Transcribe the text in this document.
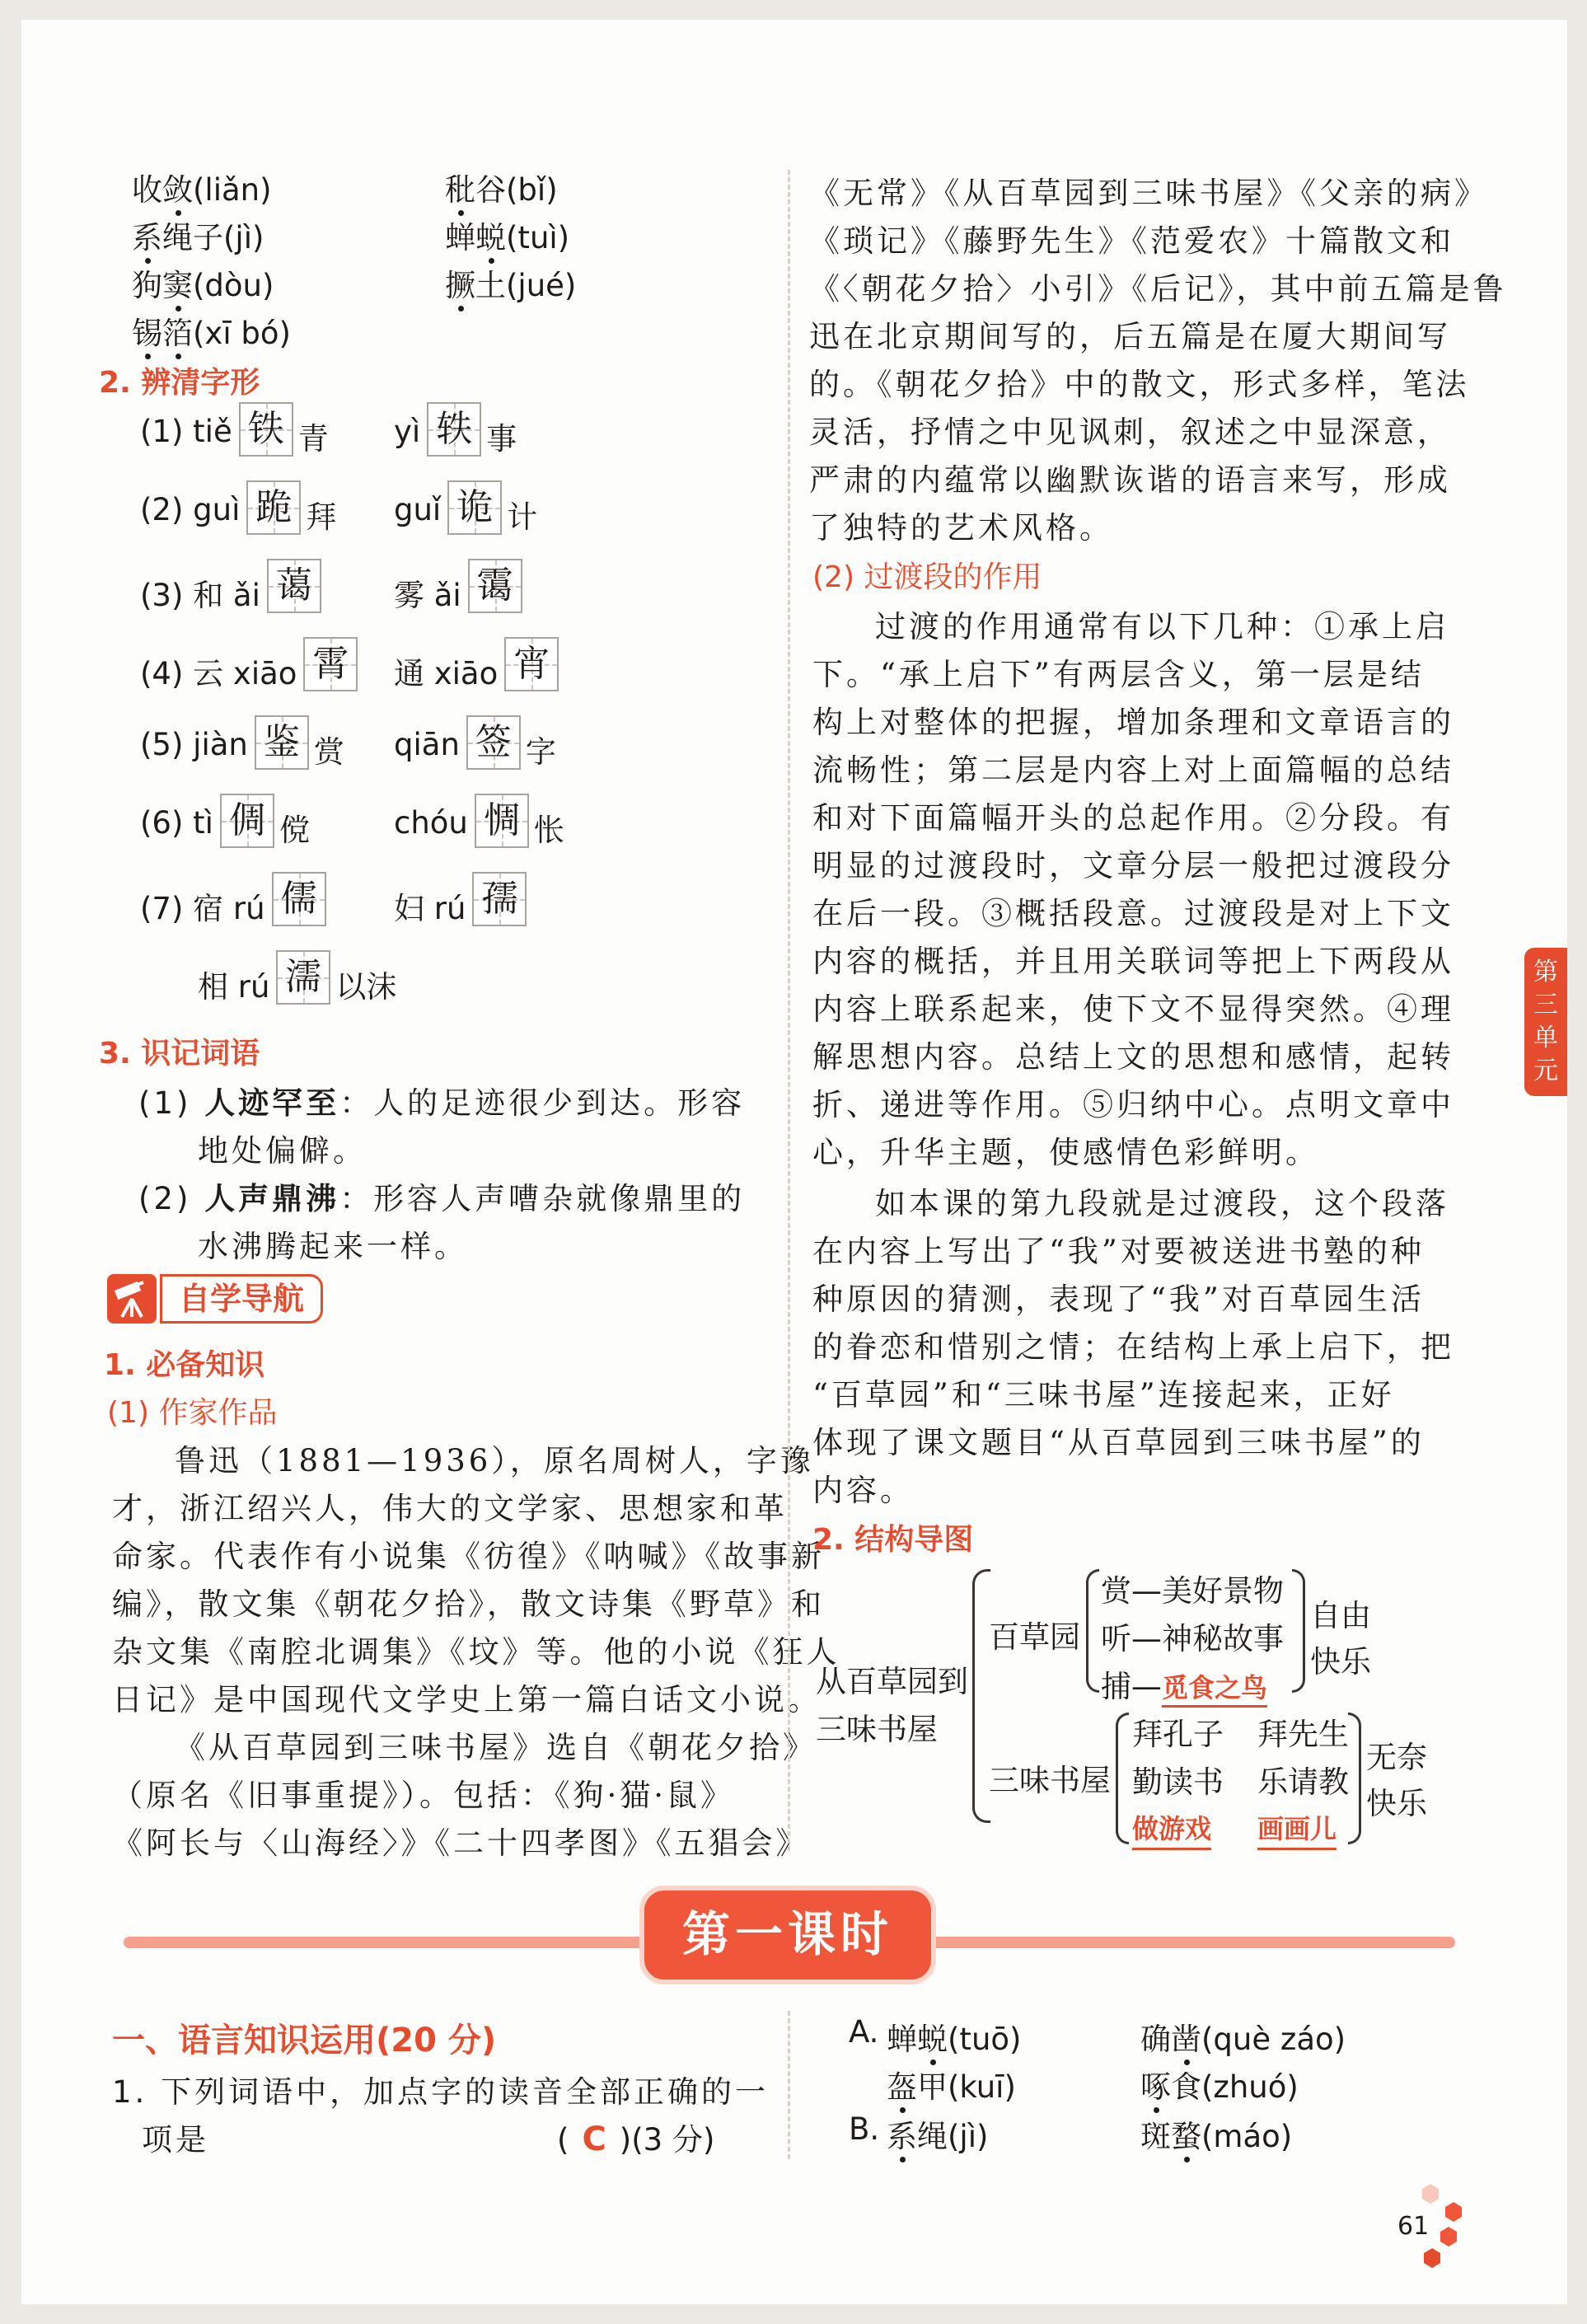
收敛(liǎn)	秕谷(bǐ)
系绳子(jì)	蝉蜕(tuì)
狗窦(dòu)	撅土(jué)
锡箔(xī bó)
2. 辨清字形
(1) tiě 铁 青 yì 轶 事
(2) guì 跪 拜 guǐ 诡 计
(3) 和 ǎi 蔼	雾 ǎi 霭
(4) 云 xiāo 霄 通 xiāo 宵
(5) jiàn 鉴 赏 qiān 签 字
(6) tì 倜 傥	chóu 惆 怅
(7) 宿 rú 儒	妇 rú 孺
相 rú 濡 以沫
3. 识记词语
(1) 人迹罕至：人的足迹很少到达。形容
地处偏僻。
(2) 人声鼎沸：形容人声嘈杂就像鼎里的
水沸腾起来一样。
自学导航
1. 必备知识
(1) 作家作品
鲁迅（1881—1936），原名周树人，字豫
才，浙江绍兴人，伟大的文学家、思想家和革
命家。代表作有小说集《彷徨》《呐喊》《故事新
编》，散文集《朝花夕拾》，散文诗集《野草》和
杂文集《南腔北调集》《坟》等。他的小说《狂人
日记》是中国现代文学史上第一篇白话文小说。
《从百草园到三味书屋》选自《朝花夕拾》
（原名《旧事重提》）。包括：《狗·猫·鼠》
《阿长与〈山海经〉》《二十四孝图》《五猖会》
《无常》《从百草园到三味书屋》《父亲的病》
《琐记》《藤野先生》《范爱农》十篇散文和
《〈朝花夕拾〉小引》《后记》，其中前五篇是鲁
迅在北京期间写的，后五篇是在厦大期间写
的。《朝花夕拾》中的散文，形式多样，笔法
灵活，抒情之中见讽刺，叙述之中显深意，
严肃的内蕴常以幽默诙谐的语言来写，形成
了独特的艺术风格。
(2) 过渡段的作用
过渡的作用通常有以下几种：①承上启
下。“承上启下”有两层含义，第一层是结
构上对整体的把握，增加条理和文章语言的
流畅性；第二层是内容上对上面篇幅的总结
和对下面篇幅开头的总起作用。②分段。有
明显的过渡段时，文章分层一般把过渡段分
在后一段。③概括段意。过渡段是对上下文
内容的概括，并且用关联词等把上下两段从
内容上联系起来，使下文不显得突然。④理
解思想内容。总结上文的思想和感情，起转
折、递进等作用。⑤归纳中心。点明文章中
心，升华主题，使感情色彩鲜明。
如本课的第九段就是过渡段，这个段落
在内容上写出了“我”对要被送进书塾的种
种原因的猜测，表现了“我”对百草园生活
的眷恋和惜别之情；在结构上承上启下，把
“百草园”和“三味书屋”连接起来，正好
体现了课文题目“从百草园到三味书屋”的
内容。
2. 结构导图
从百草园到
三味书屋
百草园
赏—美好景物
听—神秘故事
捕—觅食之鸟
自由
快乐
三味书屋
拜孔子 拜先生
勤读书 乐请教
做游戏 画画儿
无奈
快乐
第三单元
第一课时
一、语言知识运用(20 分)
1. 下列词语中，加点字的读音全部正确的一
项是	( C )(3 分)
A. 蝉蜕(tuō)	确凿(què záo)
盔甲(kuī)	啄食(zhuó)
B. 系绳(jì)	斑蝥(máo)
61
